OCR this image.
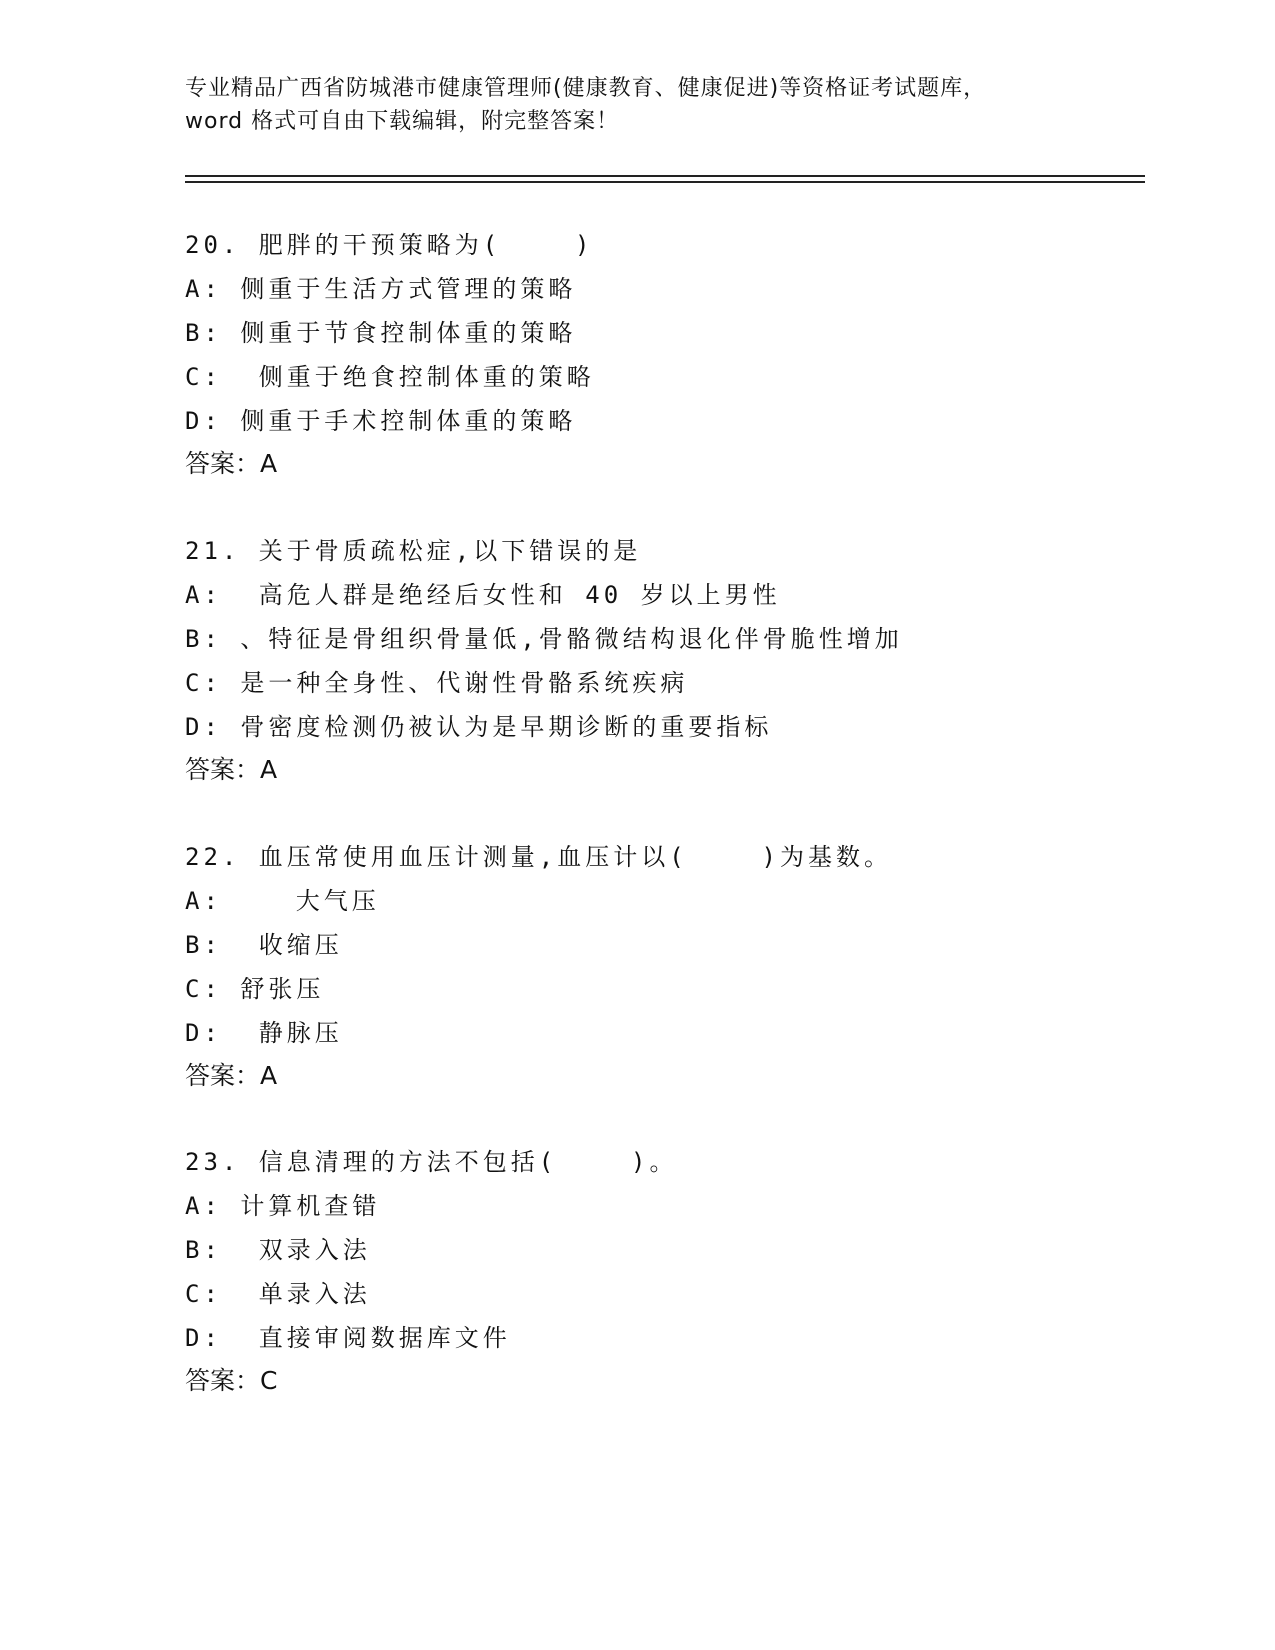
专业精品广西省防城港市健康管理师(健康教育、健康促进)等资格证考试题库，
word 格式可自由下载编辑，附完整答案！
20. 肥胖的干预策略为(    )
A: 侧重于生活方式管理的策略
B: 侧重于节食控制体重的策略
C:  侧重于绝食控制体重的策略
D: 侧重于手术控制体重的策略
答案：A
21. 关于骨质疏松症,以下错误的是
A:  高危人群是绝经后女性和 40 岁以上男性
B: 、特征是骨组织骨量低,骨骼微结构退化伴骨脆性增加
C: 是一种全身性、代谢性骨骼系统疾病
D: 骨密度检测仍被认为是早期诊断的重要指标
答案：A
22. 血压常使用血压计测量,血压计以(    )为基数。
A:    大气压
B:  收缩压
C: 舒张压
D:  静脉压
答案：A
23. 信息清理的方法不包括(    )。
A: 计算机查错
B:  双录入法
C:  单录入法
D:  直接审阅数据库文件
答案：C
